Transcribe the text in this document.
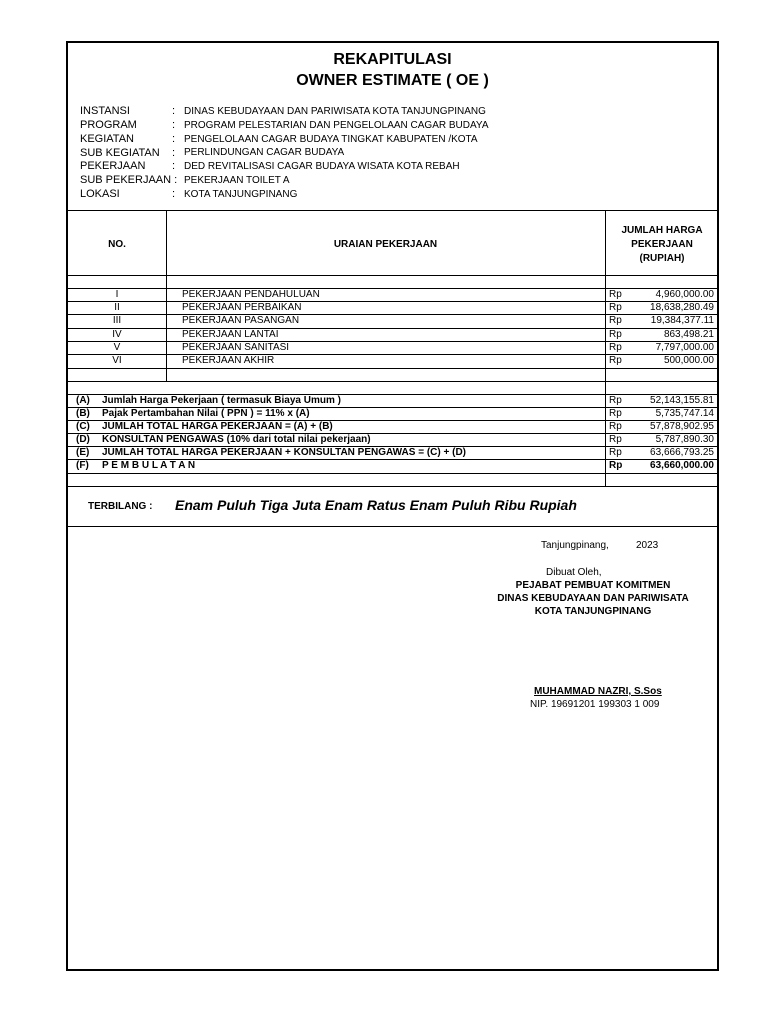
REKAPITULASI
OWNER ESTIMATE ( OE )
INSTANSI	: DINAS KEBUDAYAAN DAN PARIWISATA KOTA TANJUNGPINANG
PROGRAM	: PROGRAM PELESTARIAN DAN PENGELOLAAN CAGAR BUDAYA
KEGIATAN	: PENGELOLAAN CAGAR BUDAYA TINGKAT KABUPATEN /KOTA
SUB KEGIATAN : PERLINDUNGAN CAGAR BUDAYA
PEKERJAAN : DED REVITALISASI CAGAR BUDAYA WISATA KOTA REBAH
SUB PEKERJAAN : PEKERJAAN TOILET A
LOKASI	: KOTA TANJUNGPINANG
NO.	URAIAN PEKERJAAN
JUMLAH HARGA
PEKERJAAN
(RUPIAH)
I	PEKERJAAN PENDAHULUAN	Rp	4,960,000.00
II	PEKERJAAN PERBAIKAN	Rp	18,638,280.49
III	PEKERJAAN PASANGAN	Rp	19,384,377.11
IV	PEKERJAAN LANTAI	Rp	863,498.21
V	PEKERJAAN SANITASI	Rp	7,797,000.00
VI	PEKERJAAN AKHIR	Rp	500,000.00
(A) Jumlah Harga Pekerjaan ( termasuk Biaya Umum )	Rp	52,143,155.81
(B) Pajak Pertambahan Nilai ( PPN ) = 11% x (A)	Rp	5,735,747.14
(C) JUMLAH TOTAL HARGA PEKERJAAN = (A) + (B)	Rp	57,878,902.95
(D) KONSULTAN PENGAWAS (10% dari total nilai pekerjaan)	Rp	5,787,890.30
(E) JUMLAH TOTAL HARGA PEKERJAAN + KONSULTAN PENGAWAS = (C) + (D)	Rp	63,666,793.25
(F) P E M B U L A T A N	Rp	63,660,000.00
TERBILANG : Enam Puluh Tiga Juta Enam Ratus Enam Puluh Ribu Rupiah
Tanjungpinang,	2023
Dibuat Oleh,
PEJABAT PEMBUAT KOMITMEN
DINAS KEBUDAYAAN DAN PARIWISATA
KOTA TANJUNGPINANG
MUHAMMAD NAZRI, S.Sos
NIP. 19691201 199303 1 009
